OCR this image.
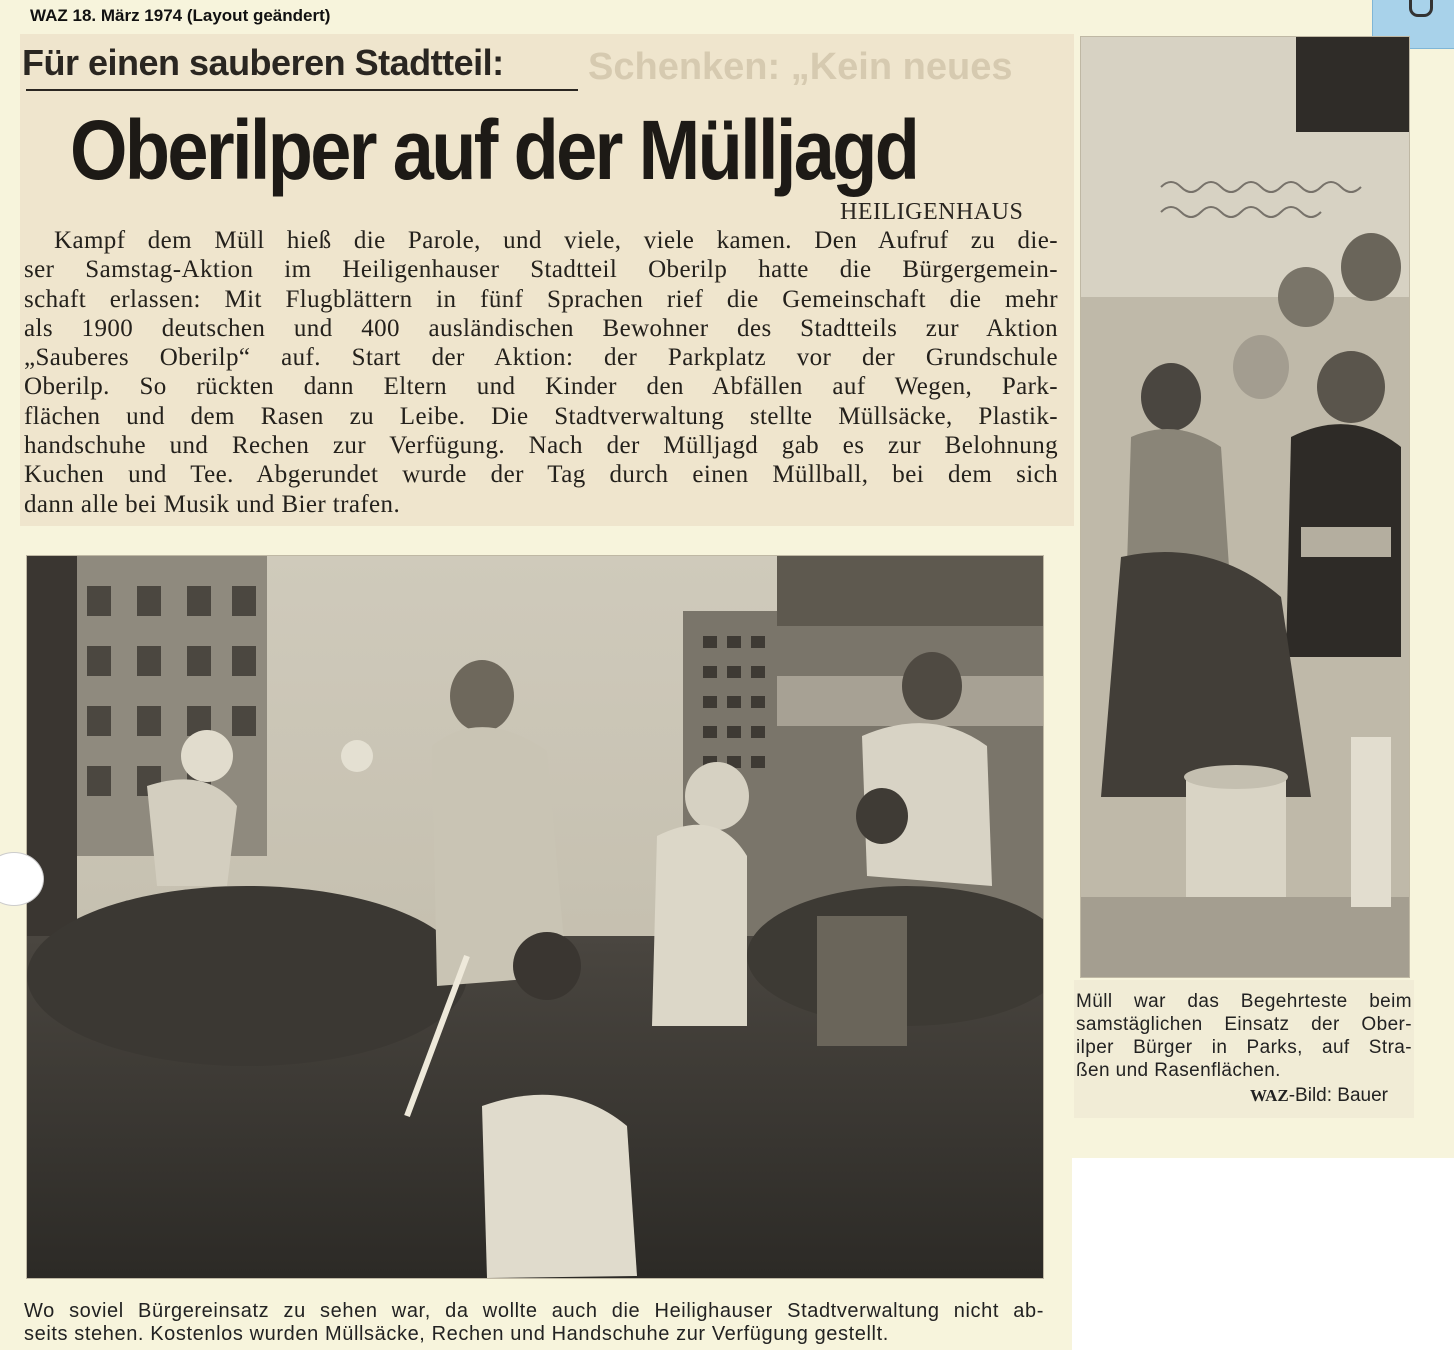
WAZ 18. März 1974 (Layout geändert)
Schenken: „Kein neues
Für einen sauberen Stadtteil:
Oberilper auf der Mülljagd
HEILIGENHAUS
Kampf dem Müll hieß die Parole, und viele, viele kamen. Den Aufruf zu die-
ser Samstag-Aktion im Heiligenhauser Stadtteil Oberilp hatte die Bürgergemein-
schaft erlassen: Mit Flugblättern in fünf Sprachen rief die Gemeinschaft die mehr
als 1900 deutschen und 400 ausländischen Bewohner des Stadtteils zur Aktion
„Sauberes Oberilp“ auf. Start der Aktion: der Parkplatz vor der Grundschule
Oberilp. So rückten dann Eltern und Kinder den Abfällen auf Wegen, Park-
flächen und dem Rasen zu Leibe. Die Stadtverwaltung stellte Müllsäcke, Plastik-
handschuhe und Rechen zur Verfügung. Nach der Mülljagd gab es zur Belohnung
Kuchen und Tee. Abgerundet wurde der Tag durch einen Müllball, bei dem sich
dann alle bei Musik und Bier trafen.
Wo soviel Bürgereinsatz zu sehen war, da wollte auch die Heilighauser Stadtverwaltung nicht ab-
seits stehen. Kostenlos wurden Müllsäcke, Rechen und Handschuhe zur Verfügung gestellt.
Müll war das Begehrteste beim
samstäglichen Einsatz der Ober-
ilper Bürger in Parks, auf Stra-
ßen und Rasenflächen.
WAZ-Bild: Bauer
